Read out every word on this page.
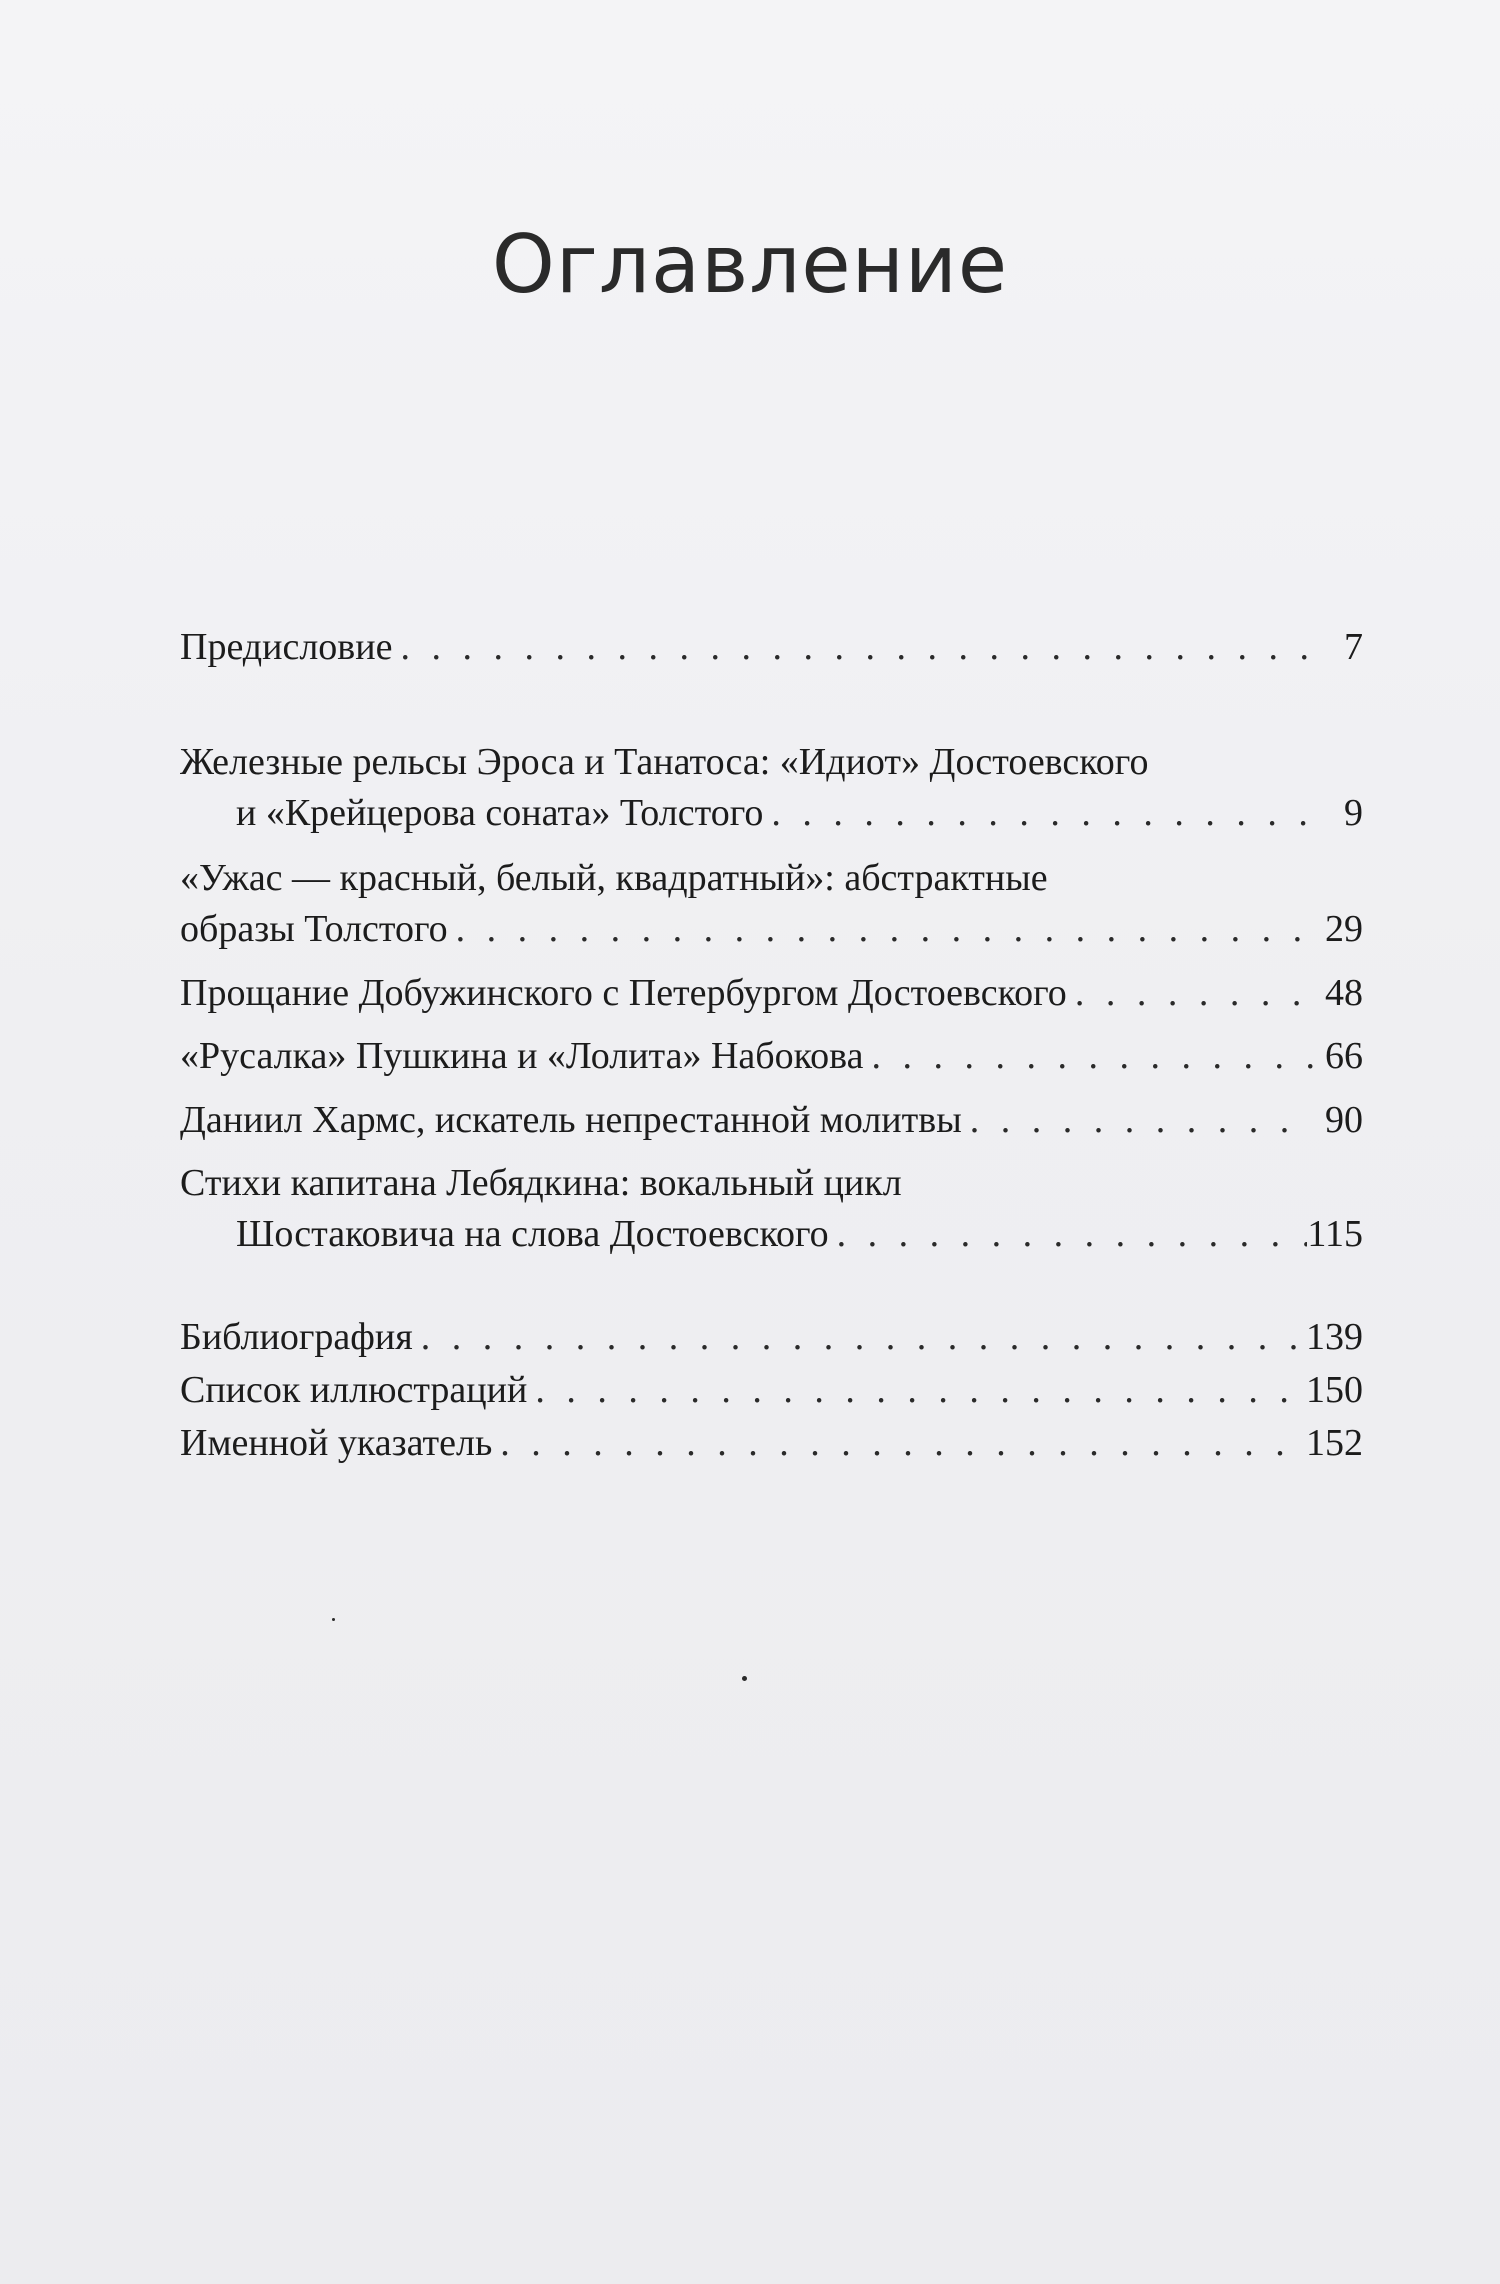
Оглавление
Предисловие . . .	7
Железные рельсы Эроса и Танатоса: «Идиот» Достоевского
и «Крейцерова соната» Толстого . . .	9
«Ужас — красный, белый, квадратный»: абстрактные
образы Толстого . . .	29
Прощание Добужинского с Петербургом Достоевского . . .	48
«Русалка» Пушкина и «Лолита» Набокова . . .	66
Даниил Хармс, искатель непрестанной молитвы . . .	90
Стихи капитана Лебядкина: вокальный цикл
Шостаковича на слова Достоевского . . .	115
Библиография . . .	139
Список иллюстраций . . .	150
Именной указатель . . .	152
